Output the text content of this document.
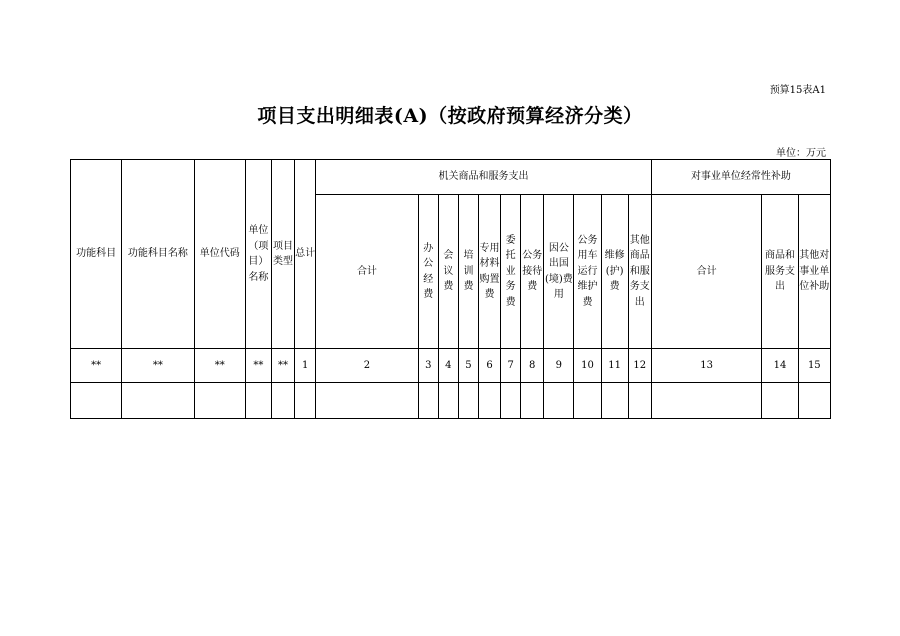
预算15表A1
项目支出明细表(A)（按政府预算经济分类）
单位：万元
功能科目	功能科目名称	单位代码	单位（项目）名称	项目类型	总计	机关商品和服务支出											对事业单位经常性补助		
						合计	办公经费	会议费	培训费	专用材料购置费	委托业务费	公务接待费	因公出国(境)费用	公务用车运行维护费	维修(护)费	其他商品和服务支出	合计	商品和服务支出	其他对事业单位补助
**	**	**	**	**	1	2	3	4	5	6	7	8	9	10	11	12	13	14	15
